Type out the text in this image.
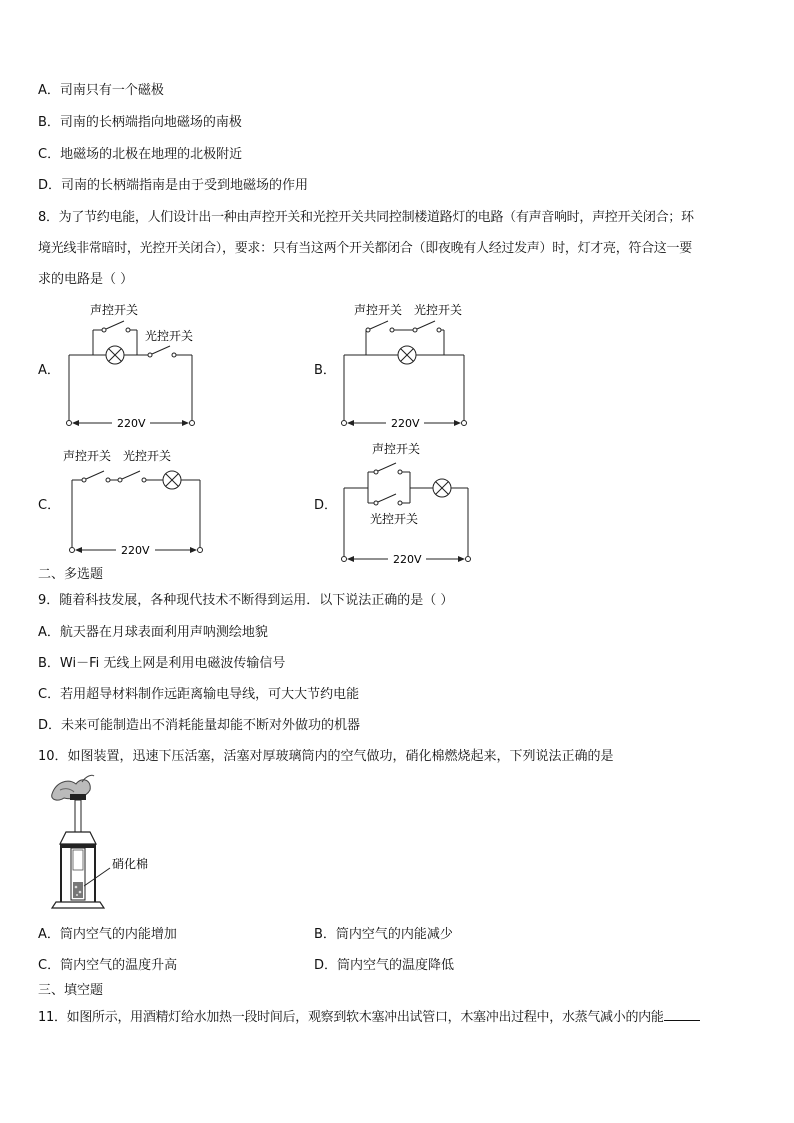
A．司南只有一个磁极
B．司南的长柄端指向地磁场的南极
C．地磁场的北极在地理的北极附近
D．司南的长柄端指南是由于受到地磁场的作用
8．为了节约电能，人们设计出一种由声控开关和光控开关共同控制楼道路灯的电路（有声音响时，声控开关闭合；环
境光线非常暗时，光控开关闭合），要求：只有当这两个开关都闭合（即夜晚有人经过发声）时，灯才亮，符合这一要
求的电路是（ ）
A．
声控开关
光控开关
220V
B．
声控开关 光控开关
220V
C．
声控开关 光控开关
220V
D．
声控开关
光控开关
220V
二、多选题
9．随着科技发展，各种现代技术不断得到运用．以下说法正确的是（ ）
A．航天器在月球表面利用声呐测绘地貌
B．Wi－Fi 无线上网是利用电磁波传输信号
C．若用超导材料制作远距离输电导线，可大大节约电能
D．未来可能制造出不消耗能量却能不断对外做功的机器
10．如图装置，迅速下压活塞，活塞对厚玻璃筒内的空气做功，硝化棉燃烧起来，下列说法正确的是
硝化棉
A．筒内空气的内能增加	B．筒内空气的内能减少
C．筒内空气的温度升高	D．筒内空气的温度降低
三、填空题
11．如图所示，用酒精灯给水加热一段时间后，观察到软木塞冲出试管口，木塞冲出过程中，水蒸气减小的内能
